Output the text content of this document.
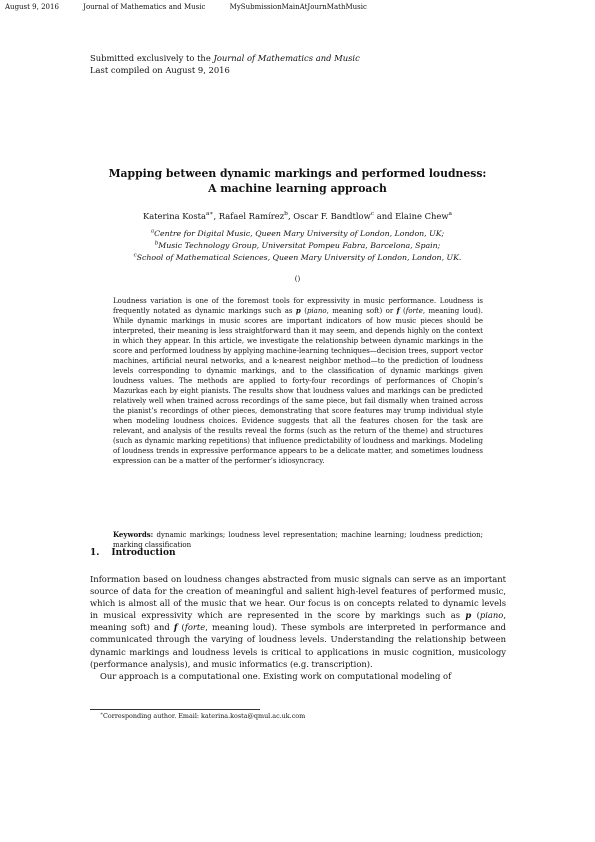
August 9, 2016	Journal of Mathematics and Music	MySubmissionMainAtJournMathMusic
Submitted exclusively to the Journal of Mathematics and Music
Last compiled on August 9, 2016
Mapping between dynamic markings and performed loudness:
A machine learning approach
Katerina Kosta$^{a∗}$, Rafael Ramírez$^b$, Oscar F. Bandtlow$^c$ and Elaine Chew$^a$
$^a$Centre for Digital Music, Queen Mary University of London, London, UK;
$^b$Music Technology Group, Universitat Pompeu Fabra, Barcelona, Spain;
$^c$School of Mathematical Sciences, Queen Mary University of London, London, UK.
()
Loudness variation is one of the foremost tools for expressivity in music performance. Loudness is frequently notated as dynamic markings such as p (piano, meaning soft) or f (forte, meaning loud). While dynamic markings in music scores are important indicators of how music pieces should be interpreted, their meaning is less straightforward than it may seem, and depends highly on the context in which they appear. In this article, we investigate the relationship between dynamic markings in the score and performed loudness by applying machine-learning techniques—decision trees, support vector machines, artificial neural networks, and a k-nearest neighbor method—to the prediction of loudness levels corresponding to dynamic markings, and to the classification of dynamic markings given loudness values. The methods are applied to forty-four recordings of performances of Chopin’s Mazurkas each by eight pianists. The results show that loudness values and markings can be predicted relatively well when trained across recordings of the same piece, but fail dismally when trained across the pianist’s recordings of other pieces, demonstrating that score features may trump individual style when modeling loudness choices. Evidence suggests that all the features chosen for the task are relevant, and analysis of the results reveal the forms (such as the return of the theme) and structures (such as dynamic marking repetitions) that influence predictability of loudness and markings. Modeling of loudness trends in expressive performance appears to be a delicate matter, and sometimes loudness expression can be a matter of the performer’s idiosyncracy.
Keywords: dynamic markings; loudness level representation; machine learning; loudness prediction; marking classification
1. Introduction

Information based on loudness changes abstracted from music signals can serve as an important source of data for the creation of meaningful and salient high-level features of performed music, which is almost all of the music that we hear. Our focus is on concepts related to dynamic levels in musical expressivity which are represented in the score by markings such as p (piano, meaning soft) and f (forte, meaning loud). These symbols are interpreted in performance and communicated through the varying of loudness levels. Understanding the relationship between dynamic markings and loudness levels is critical to applications in music cognition, musicology (performance analysis), and music informatics (e.g. transcription).

Our approach is a computational one. Existing work on computational modeling of

∗Corresponding author. Email: katerina.kosta@qmul.ac.uk.com
